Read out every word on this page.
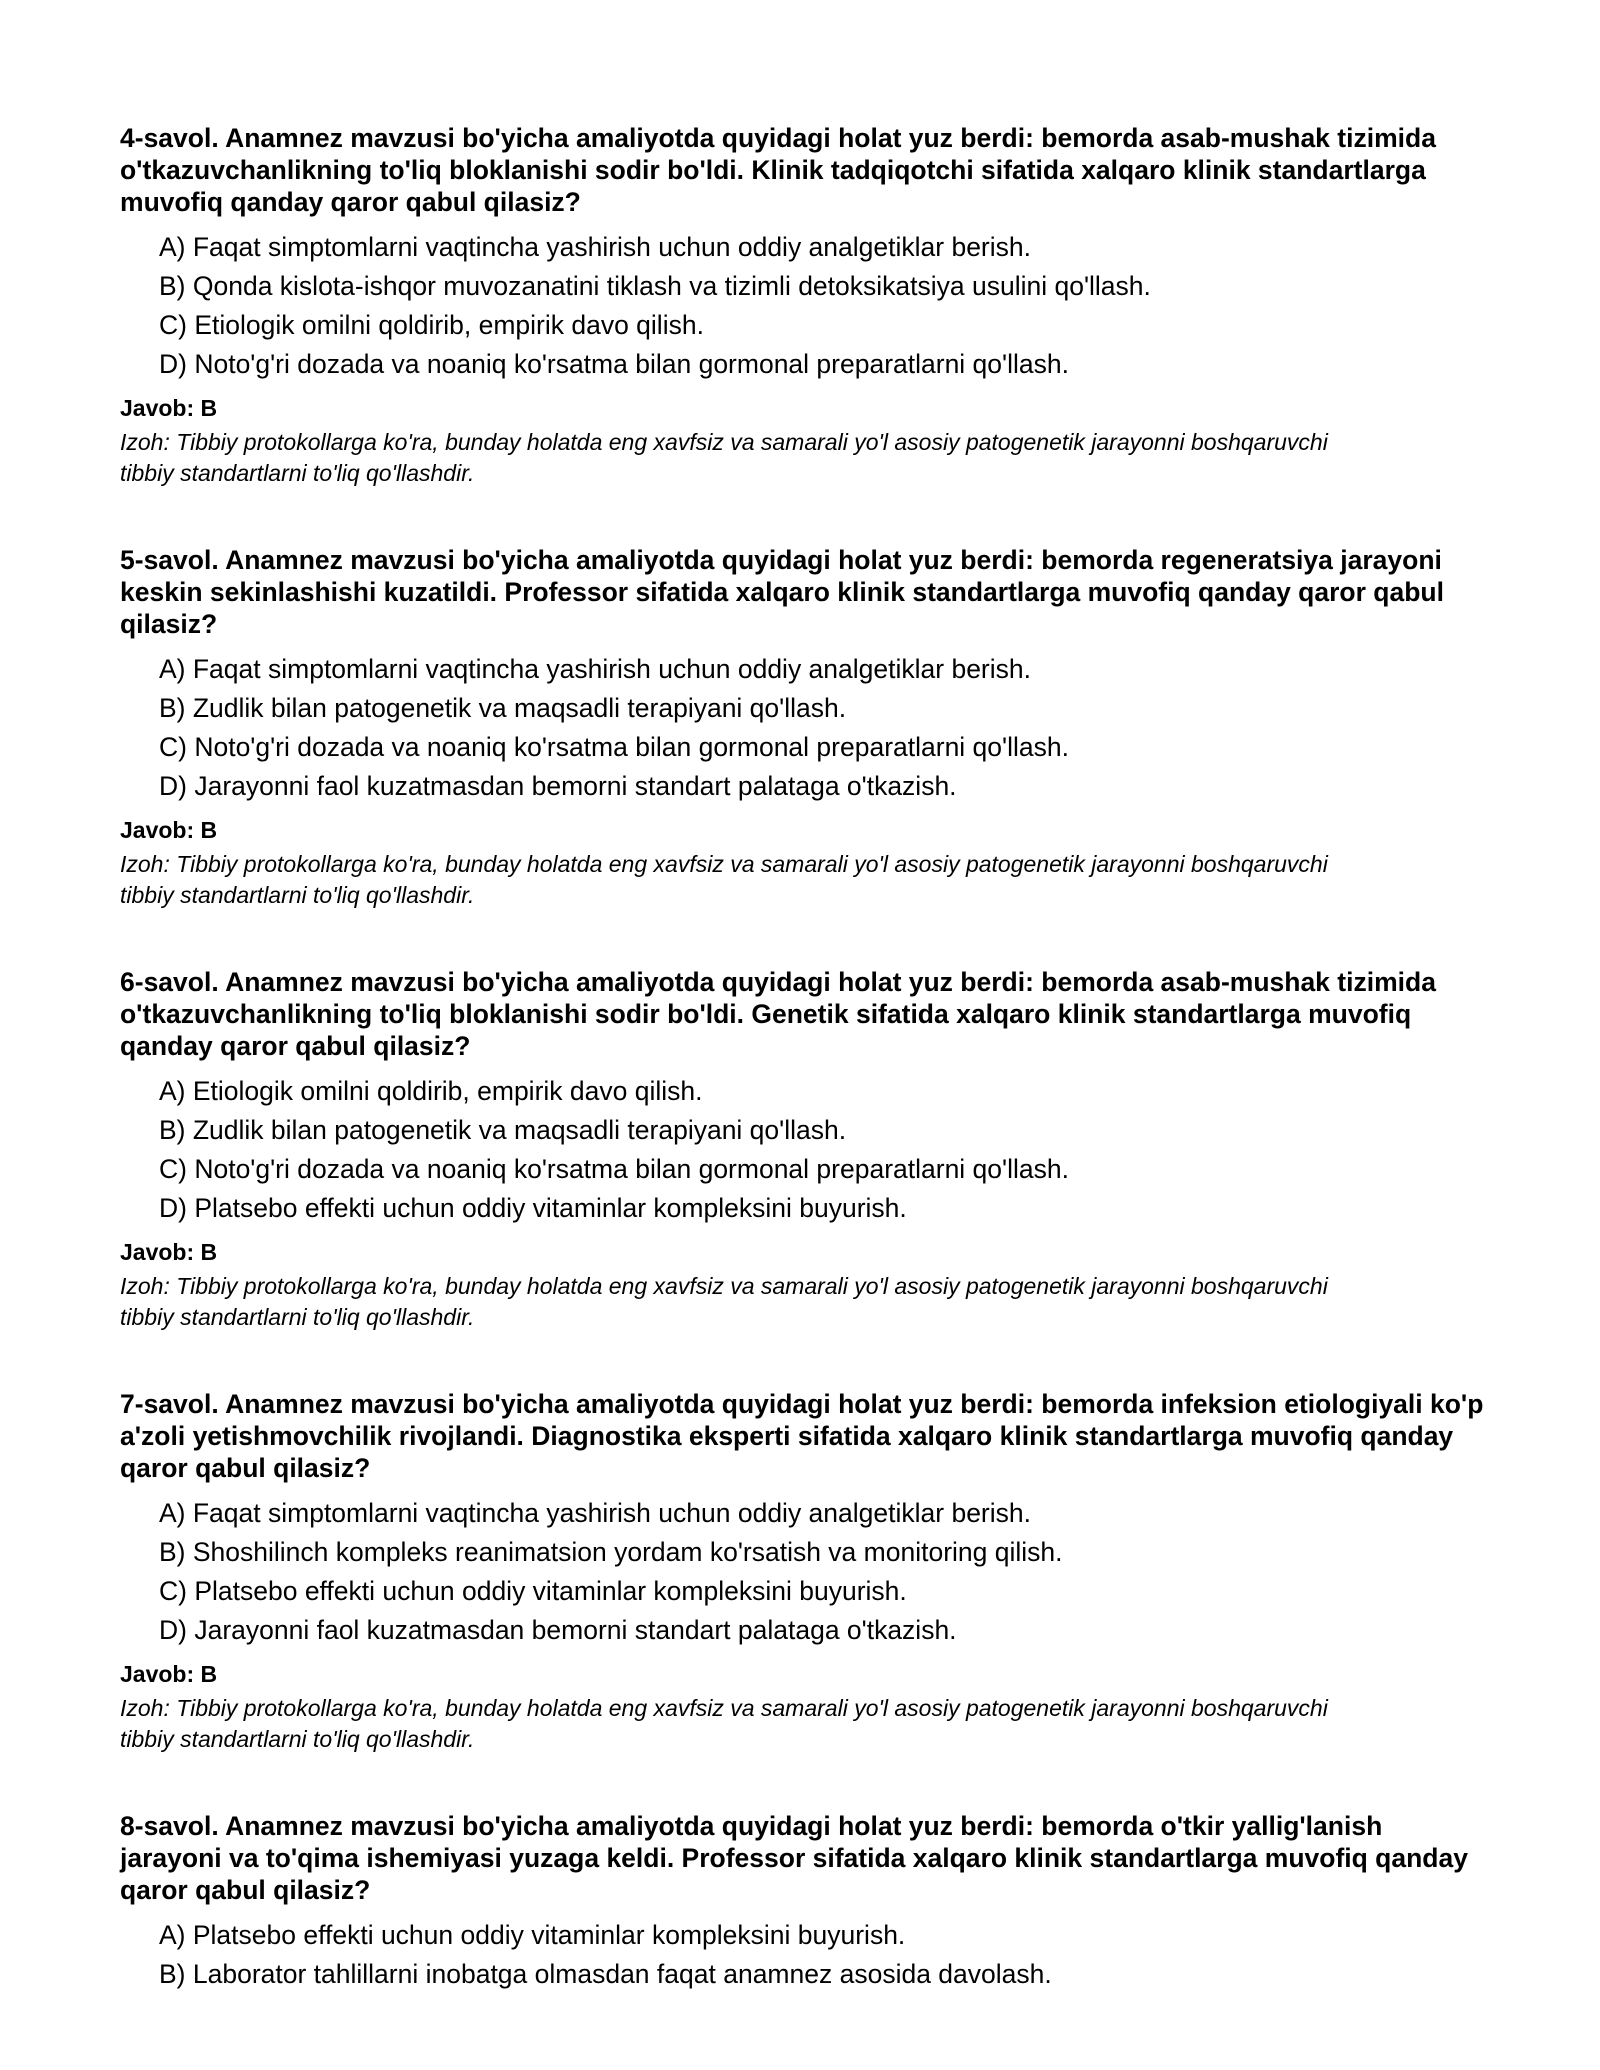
4-savol. Anamnez mavzusi bo'yicha amaliyotda quyidagi holat yuz berdi: bemorda asab-mushak tizimida o'tkazuvchanlikning to'liq bloklanishi sodir bo'ldi. Klinik tadqiqotchi sifatida xalqaro klinik standartlarga muvofiq qanday qaror qabul qilasiz?
A) Faqat simptomlarni vaqtincha yashirish uchun oddiy analgetiklar berish.
B) Qonda kislota-ishqor muvozanatini tiklash va tizimli detoksikatsiya usulini qo'llash.
C) Etiologik omilni qoldirib, empirik davo qilish.
D) Noto'g'ri dozada va noaniq ko'rsatma bilan gormonal preparatlarni qo'llash.
Javob: B
Izoh: Tibbiy protokollarga ko'ra, bunday holatda eng xavfsiz va samarali yo'l asosiy patogenetik jarayonni boshqaruvchi tibbiy standartlarni to'liq qo'llashdir.
5-savol. Anamnez mavzusi bo'yicha amaliyotda quyidagi holat yuz berdi: bemorda regeneratsiya jarayoni keskin sekinlashishi kuzatildi. Professor sifatida xalqaro klinik standartlarga muvofiq qanday qaror qabul qilasiz?
A) Faqat simptomlarni vaqtincha yashirish uchun oddiy analgetiklar berish.
B) Zudlik bilan patogenetik va maqsadli terapiyani qo'llash.
C) Noto'g'ri dozada va noaniq ko'rsatma bilan gormonal preparatlarni qo'llash.
D) Jarayonni faol kuzatmasdan bemorni standart palataga o'tkazish.
Javob: B
Izoh: Tibbiy protokollarga ko'ra, bunday holatda eng xavfsiz va samarali yo'l asosiy patogenetik jarayonni boshqaruvchi tibbiy standartlarni to'liq qo'llashdir.
6-savol. Anamnez mavzusi bo'yicha amaliyotda quyidagi holat yuz berdi: bemorda asab-mushak tizimida o'tkazuvchanlikning to'liq bloklanishi sodir bo'ldi. Genetik sifatida xalqaro klinik standartlarga muvofiq qanday qaror qabul qilasiz?
A) Etiologik omilni qoldirib, empirik davo qilish.
B) Zudlik bilan patogenetik va maqsadli terapiyani qo'llash.
C) Noto'g'ri dozada va noaniq ko'rsatma bilan gormonal preparatlarni qo'llash.
D) Platsebo effekti uchun oddiy vitaminlar kompleksini buyurish.
Javob: B
Izoh: Tibbiy protokollarga ko'ra, bunday holatda eng xavfsiz va samarali yo'l asosiy patogenetik jarayonni boshqaruvchi tibbiy standartlarni to'liq qo'llashdir.
7-savol. Anamnez mavzusi bo'yicha amaliyotda quyidagi holat yuz berdi: bemorda infeksion etiologiyali ko'p a'zoli yetishmovchilik rivojlandi. Diagnostika eksperti sifatida xalqaro klinik standartlarga muvofiq qanday qaror qabul qilasiz?
A) Faqat simptomlarni vaqtincha yashirish uchun oddiy analgetiklar berish.
B) Shoshilinch kompleks reanimatsion yordam ko'rsatish va monitoring qilish.
C) Platsebo effekti uchun oddiy vitaminlar kompleksini buyurish.
D) Jarayonni faol kuzatmasdan bemorni standart palataga o'tkazish.
Javob: B
Izoh: Tibbiy protokollarga ko'ra, bunday holatda eng xavfsiz va samarali yo'l asosiy patogenetik jarayonni boshqaruvchi tibbiy standartlarni to'liq qo'llashdir.
8-savol. Anamnez mavzusi bo'yicha amaliyotda quyidagi holat yuz berdi: bemorda o'tkir yallig'lanish jarayoni va to'qima ishemiyasi yuzaga keldi. Professor sifatida xalqaro klinik standartlarga muvofiq qanday qaror qabul qilasiz?
A) Platsebo effekti uchun oddiy vitaminlar kompleksini buyurish.
B) Laborator tahlillarni inobatga olmasdan faqat anamnez asosida davolash.
